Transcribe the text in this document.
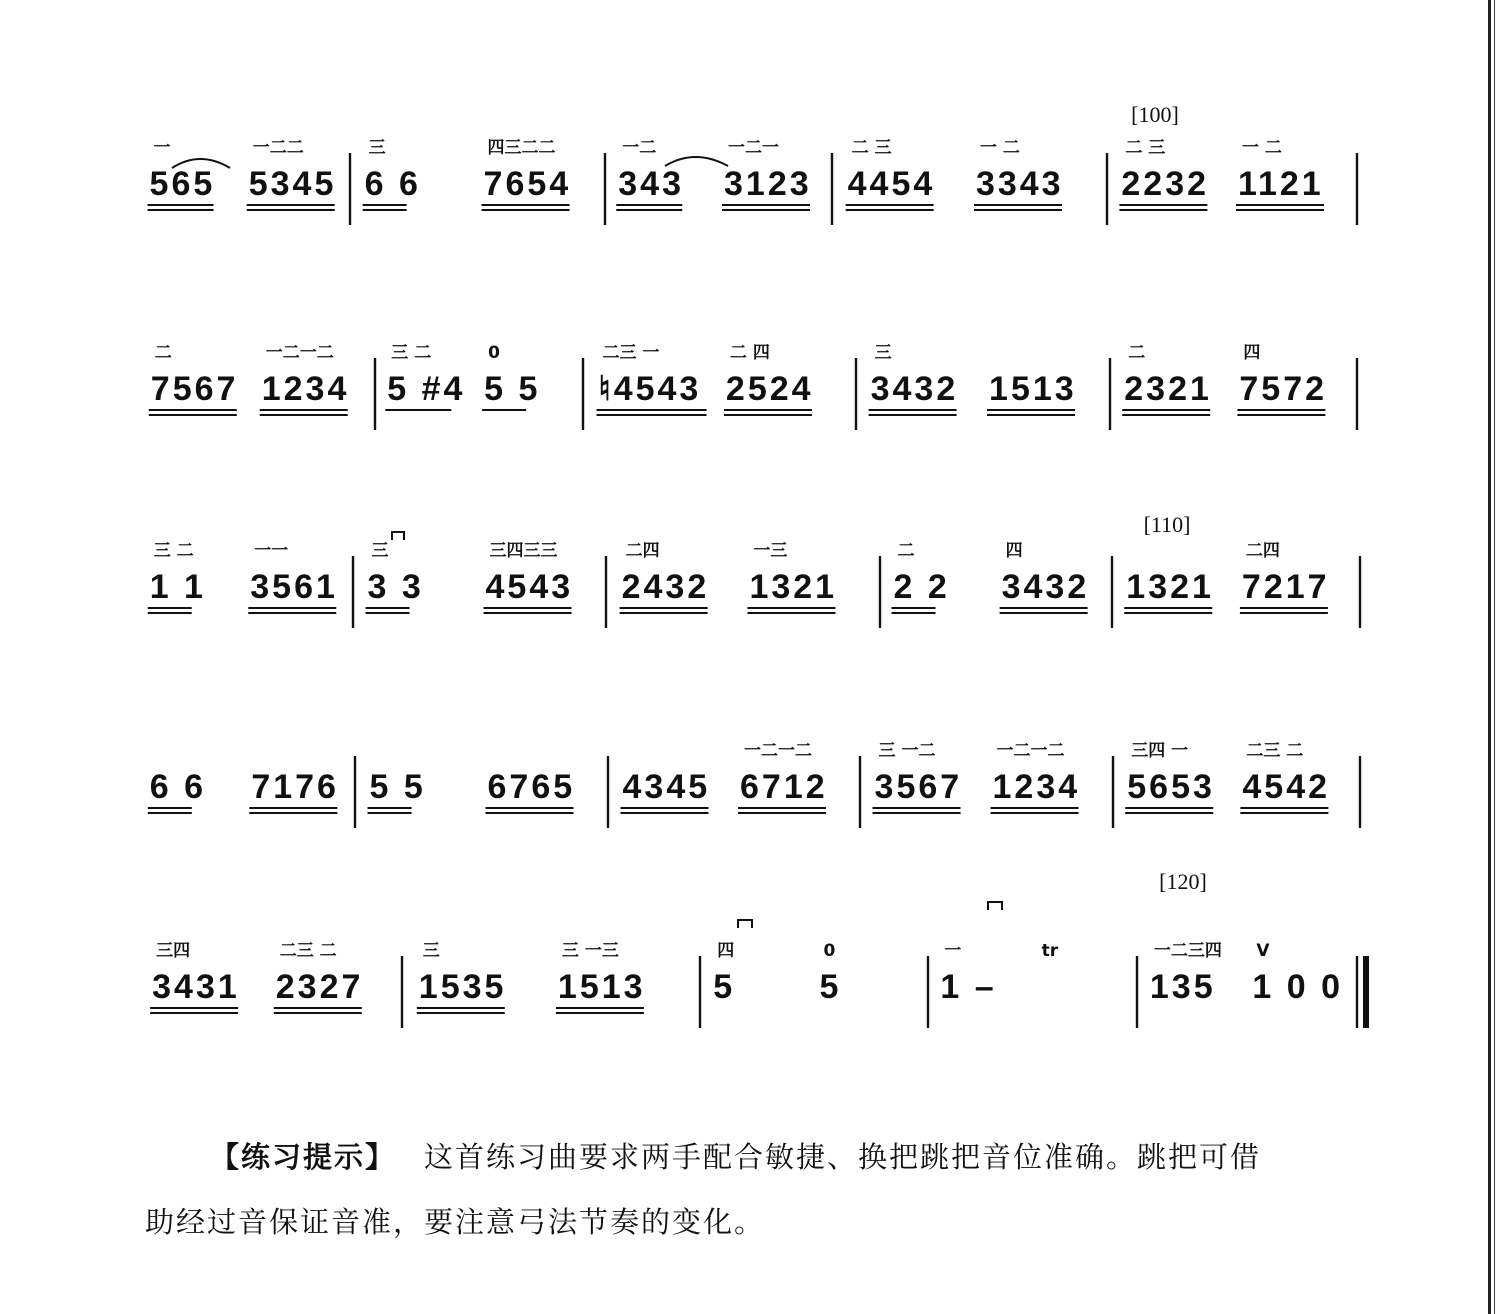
565
一
5345
一二二
6 6
三
7654
四三二二
343
一二
3123
一二一
4454
二 三
3343
一 二
2232
二 三
1121
一 二
[100]
7567
二
1234
一二一二
5 #4
三 二
5 5
0
♮4543
二三 一
2524
二 四
3432
三
1513 2321
二
7572
四
1 1
三 二
3561
一一
3 3
三
4543
三四三三
2432
二四
1321
一三
2 2
二
3432
四
1321 7217
二四
[110]
6 6 7176 5 5 6765 4345 6712
一二一二
3567
三 一二
1234
一二一二
5653
三四 一
4542
二三 二
3431
三四
2327
二三 二
1535
三
1513
三 一三
5
四
5
0
1 –
一	tr
135
一二三四
1 0 0
V
[120]
【练习提示】 这首练习曲要求两手配合敏捷、换把跳把音位准确。跳把可借
助经过音保证音准，要注意弓法节奏的变化。
